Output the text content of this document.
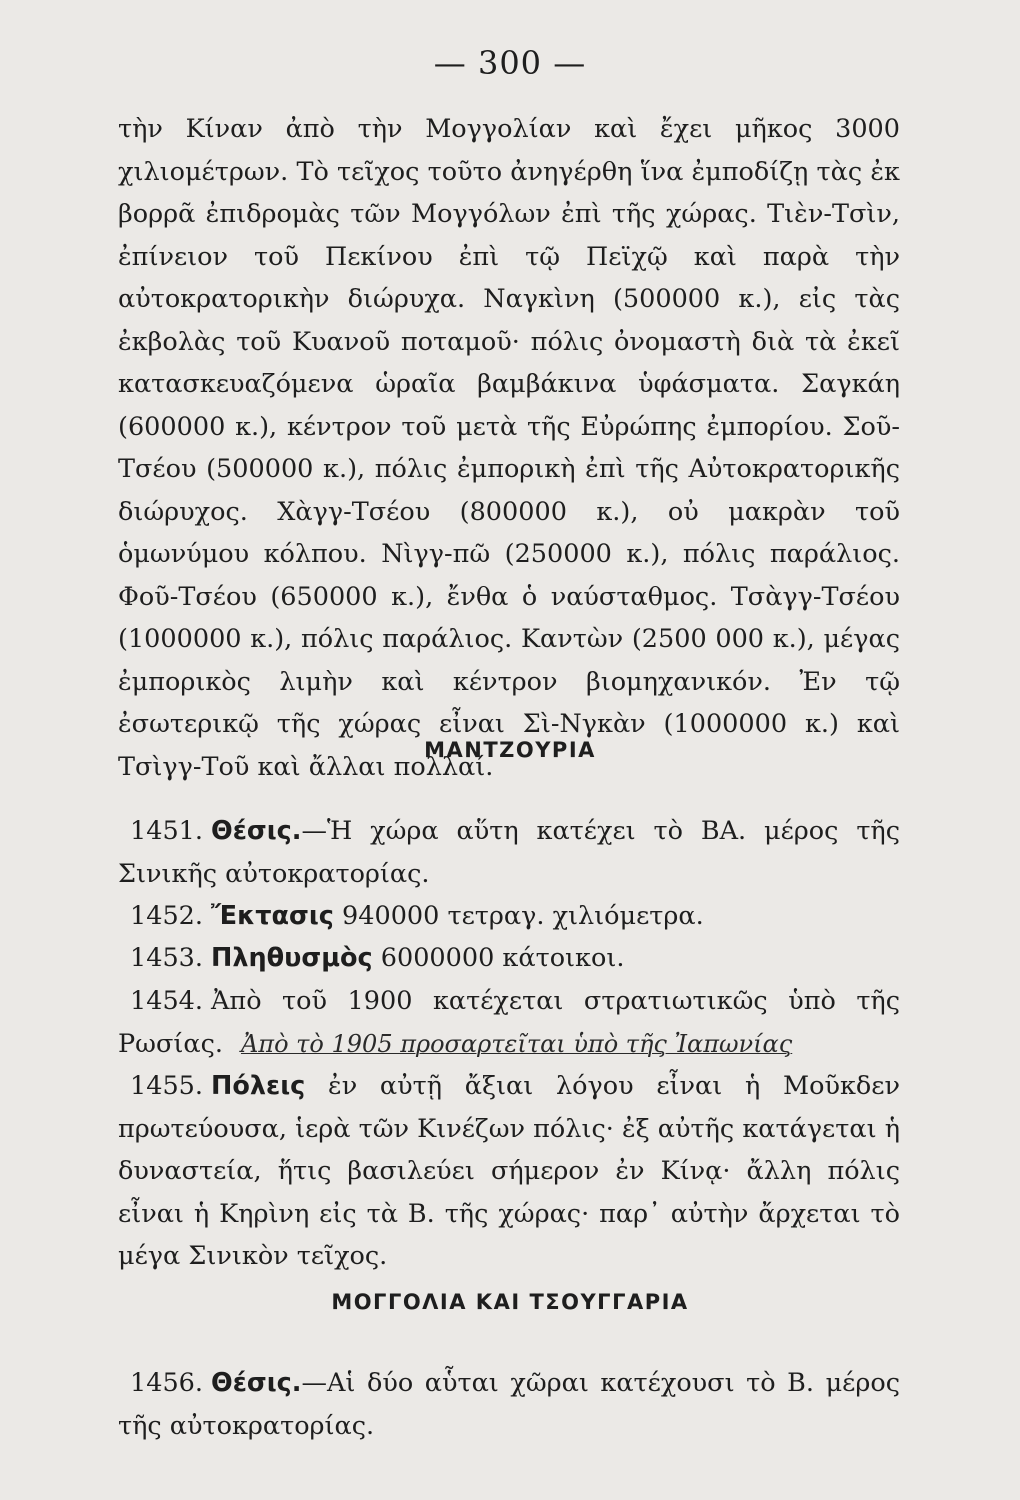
— 300 —
τὴν Κίναν ἀπὸ τὴν Μογγολίαν καὶ ἔχει μῆκος 3000 χιλιομέτρων. Τὸ τεῖχος τοῦτο ἀνηγέρθη ἵνα ἐμποδίζῃ τὰς ἐκ βορρᾶ ἐπιδρομὰς τῶν Μογγόλων ἐπὶ τῆς χώρας. Τιὲν-Τσὶν, ἐπίνειον τοῦ Πεκίνου ἐπὶ τῷ Πεϊχῷ καὶ παρὰ τὴν αὐτοκρατορικὴν διώρυχα. Ναγκὶνη (500000 κ.), εἰς τὰς ἐκβολὰς τοῦ Κυανοῦ ποταμοῦ· πόλις ὀνομαστὴ διὰ τὰ ἐκεῖ κατασκευαζόμενα ὡραῖα βαμβάκινα ὑφάσματα. Σαγκάη (600000 κ.), κέντρον τοῦ μετὰ τῆς Εὐρώπης ἐμπορίου. Σοῦ-Τσέου (500000 κ.), πόλις ἐμπορικὴ ἐπὶ τῆς Αὐτοκρατορικῆς διώρυχος. Χὰγγ-Τσέου (800000 κ.), οὐ μακρὰν τοῦ ὁμωνύμου κόλπου. Νὶγγ-πῶ (250000 κ.), πόλις παράλιος. Φοῦ-Τσέου (650000 κ.), ἔνθα ὁ ναύσταθμος. Τσὰγγ-Τσέου (1000000 κ.), πόλις παράλιος. Καντὼν (2500 000 κ.), μέγας ἐμπορικὸς λιμὴν καὶ κέντρον βιομηχανικόν. Ἐν τῷ ἐσωτερικῷ τῆς χώρας εἶναι Σὶ-Νγκὰν (1000000 κ.) καὶ Τσὶγγ-Τοῦ καὶ ἄλλαι πολλαί.
ΜΑΝΤΖΟΥΡΙΑ
1451. Θέσις.—Ἡ χώρα αὕτη κατέχει τὸ ΒΑ. μέρος τῆς Σινικῆς αὐτοκρατορίας.
1452. Ἔκτασις 940000 τετραγ. χιλιόμετρα.
1453. Πληθυσμὸς 6000000 κάτοικοι.
1454. Ἀπὸ τοῦ 1900 κατέχεται στρατιωτικῶς ὑπὸ τῆς Ρωσίας. Ἀπὸ τὸ 1905 προσαρτεῖται ὑπὸ τῆς Ἰαπωνίας
1455. Πόλεις ἐν αὐτῇ ἄξιαι λόγου εἶναι ἡ Μοῦκδεν πρωτεύουσα, ἱερὰ τῶν Κινέζων πόλις· ἐξ αὐτῆς κατάγεται ἡ δυναστεία, ἥτις βασιλεύει σήμερον ἐν Κίνᾳ· ἄλλη πόλις εἶναι ἡ Κηρὶνη εἰς τὰ Β. τῆς χώρας· παρ᾽ αὐτὴν ἄρχεται τὸ μέγα Σινικὸν τεῖχος.
ΜΟΓΓΟΛΙΑ ΚΑΙ ΤΣΟΥΓΓΑΡΙΑ
1456. Θέσις.—Αἱ δύο αὗται χῶραι κατέχουσι τὸ Β. μέρος τῆς αὐτοκρατορίας.
